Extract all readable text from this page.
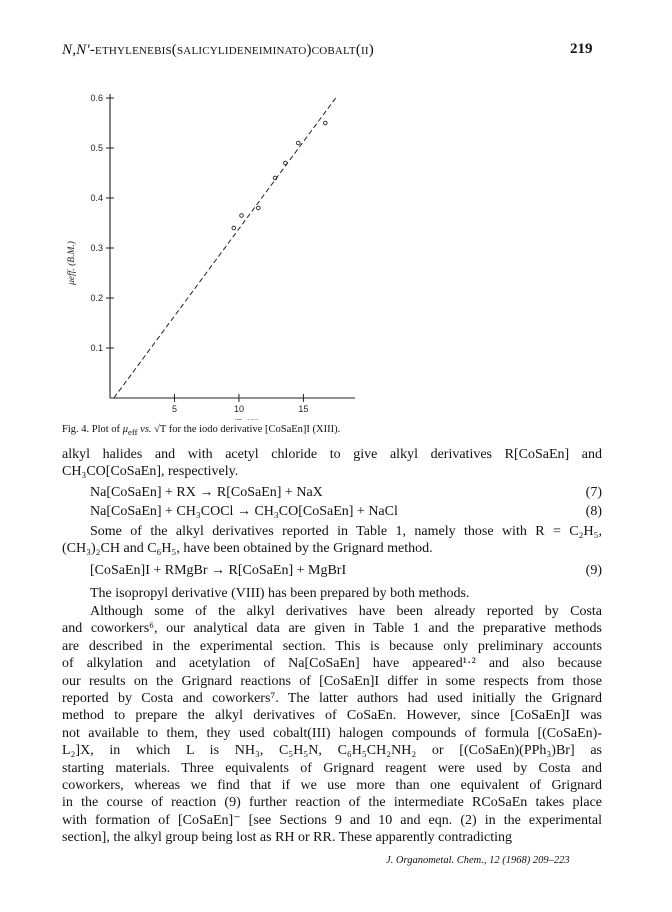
N,N′-ethylenebis(salicylideneiminato)cobalt(ii)	219
0.1
0.2
0.3
0.4
0.5
0.6
5	10	15
μeff. (B.M.)
Fig. 4. Plot of $\mu_{eff}$ vs. √T for the iodo derivative [CoSaEn]I (XIII).
alkyl halides and with acetyl chloride to give alkyl derivatives R[CoSaEn] and
CH₃CO[CoSaEn], respectively.
Na[CoSaEn] + RX → R[CoSaEn] + NaX	(7)
Na[CoSaEn] + CH₃COCl → CH₃CO[CoSaEn] + NaCl	(8)
Some of the alkyl derivatives reported in Table 1, namely those with R = C₂H₅,
(CH₃)₂CH and C₆H₅, have been obtained by the Grignard method.
[CoSaEn]I + RMgBr → R[CoSaEn] + MgBrI	(9)
The isopropyl derivative (VIII) has been prepared by both methods.
Although some of the alkyl derivatives have been already reported by Costa
and coworkers⁶, our analytical data are given in Table 1 and the preparative methods
are described in the experimental section. This is because only preliminary accounts
of alkylation and acetylation of Na[CoSaEn] have appeared¹·² and also because
our results on the Grignard reactions of [CoSaEn]I differ in some respects from those
reported by Costa and coworkers⁷. The latter authors had used initially the Grignard
method to prepare the alkyl derivatives of CoSaEn. However, since [CoSaEn]I was
not available to them, they used cobalt(III) halogen compounds of formula [(CoSaEn)-
L₂]X, in which L is NH₃, C₅H₅N, C₆H₅CH₂NH₂ or [(CoSaEn)(PPh₃)Br] as
starting materials. Three equivalents of Grignard reagent were used by Costa and
coworkers, whereas we find that if we use more than one equivalent of Grignard
in the course of reaction (9) further reaction of the intermediate RCoSaEn takes place
with formation of [CoSaEn]⁻ [see Sections 9 and 10 and eqn. (2) in the experimental
section], the alkyl group being lost as RH or RR. These apparently contradicting
J. Organometal. Chem., 12 (1968) 209–223
